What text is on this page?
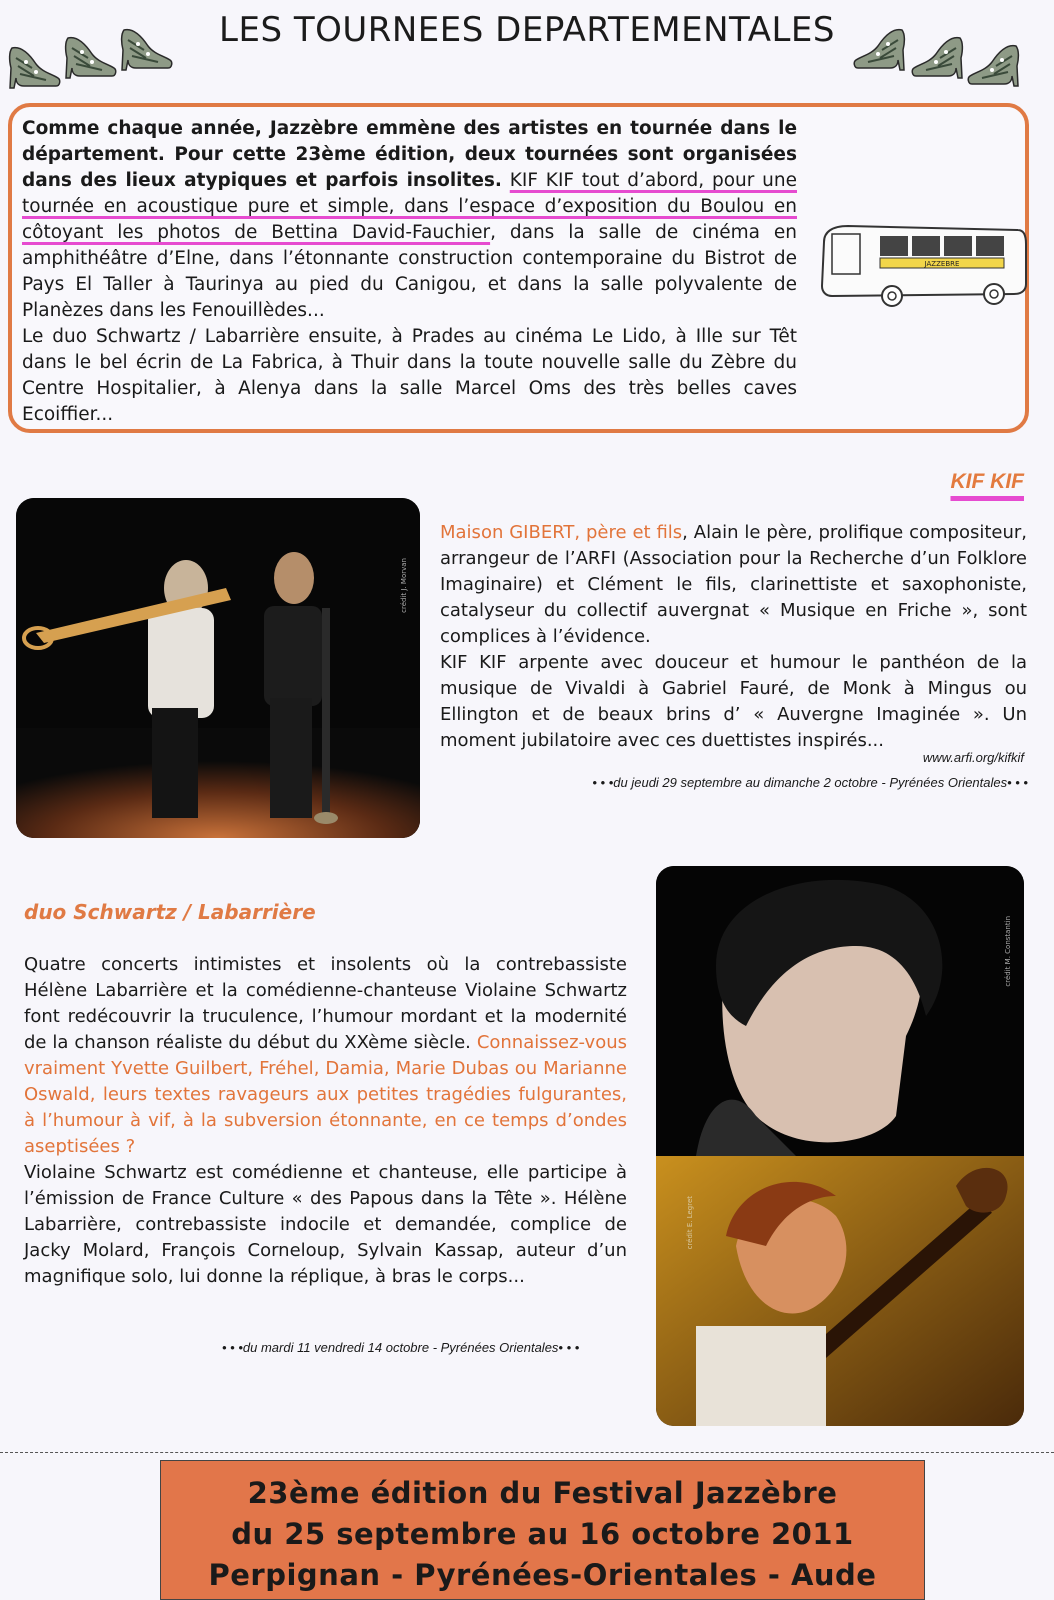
LES TOURNEES DEPARTEMENTALES
Comme chaque année, Jazzèbre emmène des artistes en tournée dans le département. Pour cette 23ème édition, deux tournées sont organisées dans des lieux atypiques et parfois insolites. KIF KIF tout d’abord, pour une tournée en acoustique pure et simple, dans l’espace d’exposition du Boulou en côtoyant les photos de Bettina David-Fauchier, dans la salle de cinéma en amphithéâtre d’Elne, dans l’étonnante construction contemporaine du Bistrot de Pays El Taller à Taurinya au pied du Canigou, et dans la salle polyvalente de Planèzes dans les Fenouillèdes...
Le duo Schwartz / Labarrière ensuite, à Prades au cinéma Le Lido, à Ille sur Têt dans le bel écrin de La Fabrica, à Thuir dans la toute nouvelle salle du Zèbre du Centre Hospitalier, à Alenya dans la salle Marcel Oms des très belles caves Ecoiffier...
JAZZEBRE
KIF KIF
crédit J. Morvan
Maison GIBERT, père et fils, Alain le père, prolifique compositeur, arrangeur de l’ARFI (Association pour la Recherche d’un Folklore Imaginaire) et Clément le fils, clarinettiste et saxophoniste, catalyseur du collectif auvergnat « Musique en Friche », sont complices à l’évidence.
KIF KIF arpente avec douceur et humour le panthéon de la musique de Vivaldi à Gabriel Fauré, de Monk à Mingus ou Ellington et de beaux brins d’ « Auvergne Imaginée ». Un moment jubilatoire avec ces duettistes inspirés...
www.arfi.org/kifkif
• • •du jeudi 29 septembre au dimanche 2 octobre - Pyrénées Orientales• • •
duo Schwartz / Labarrière
Quatre concerts intimistes et insolents où la contrebassiste Hélène Labarrière et la comédienne-chanteuse Violaine Schwartz font redécouvrir la truculence, l’humour mordant et la modernité de la chanson réaliste du début du XXème siècle. Connaissez-vous vraiment Yvette Guilbert, Fréhel, Damia, Marie Dubas ou Marianne Oswald, leurs textes ravageurs aux petites tragédies fulgurantes, à l’humour à vif, à la subversion étonnante, en ce temps d’ondes aseptisées ?
Violaine Schwartz est comédienne et chanteuse, elle participe à l’émission de France Culture « des Papous dans la Tête ». Hélène Labarrière, contrebassiste indocile et demandée, complice de Jacky Molard, François Corneloup, Sylvain Kassap, auteur d’un magnifique solo, lui donne la réplique, à bras le corps...
• • •du mardi 11 vendredi 14 octobre - Pyrénées Orientales• • •
crédit M. Constantin
crédit E. Legret
23ème édition du Festival Jazzèbre
du 25 septembre au 16 octobre 2011
Perpignan - Pyrénées-Orientales - Aude
